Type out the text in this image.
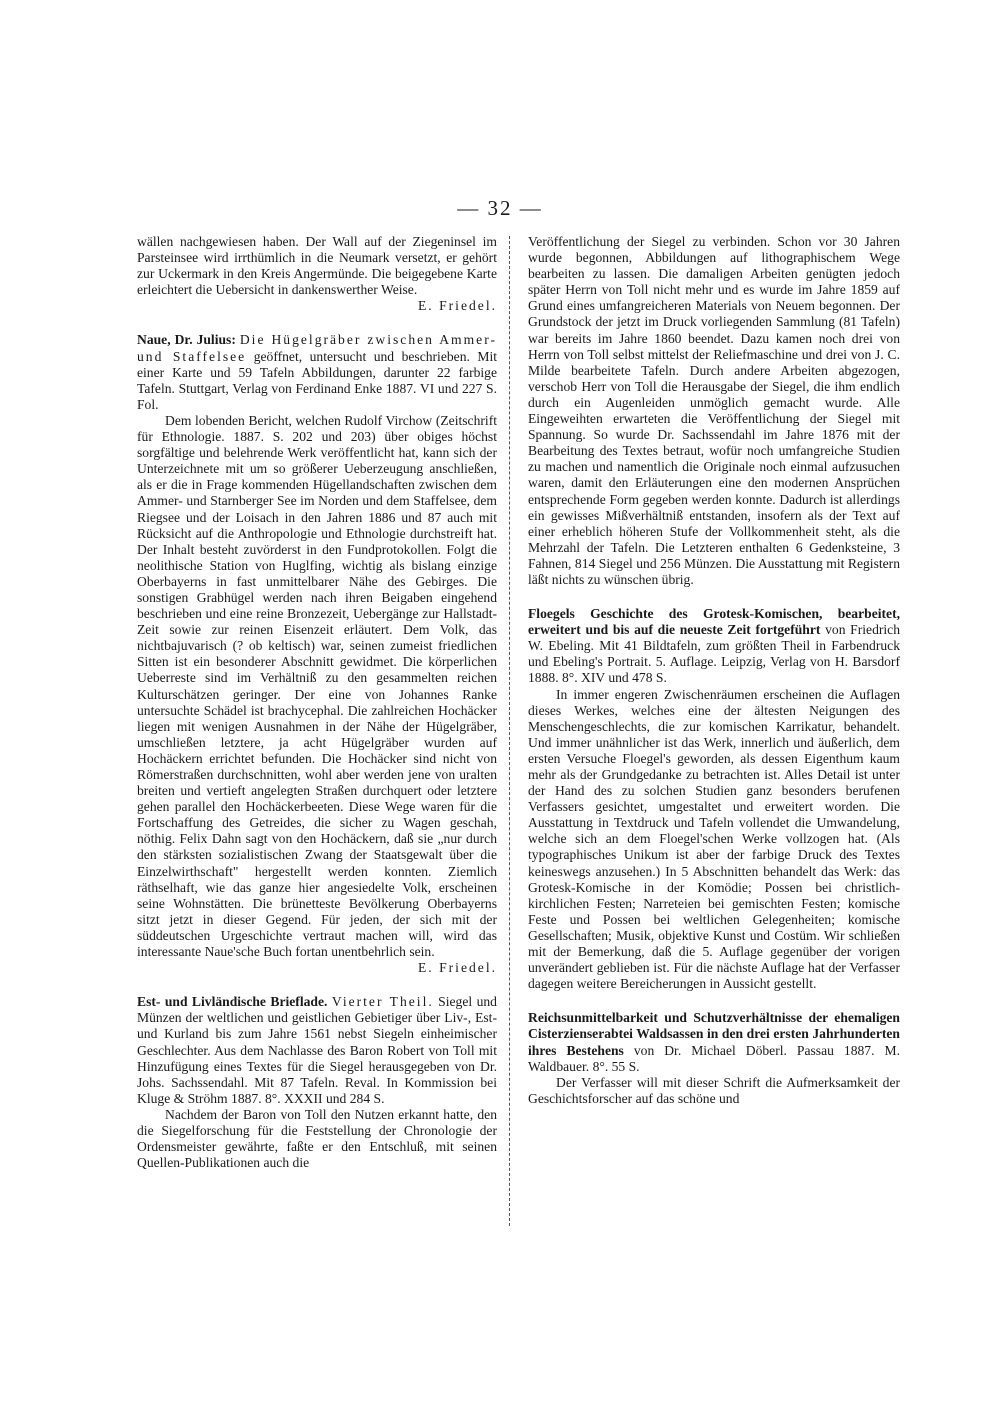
— 32 —

wällen nachgewiesen haben. Der Wall auf der Ziegeninsel im Parsteinsee wird irrthümlich in die Neumark versetzt, er gehört zur Uckermark in den Kreis Angermünde. Die beigegebene Karte erleichtert die Uebersicht in dankenswerther Weise.

E. Friedel.

Naue, Dr. Julius: Die Hügelgräber zwischen Ammer- und Staffelsee geöffnet, untersucht und beschrieben. Mit einer Karte und 59 Tafeln Abbildungen, darunter 22 farbige Tafeln. Stuttgart, Verlag von Ferdinand Enke 1887. VI und 227 S. Fol.

Dem lobenden Bericht, welchen Rudolf Virchow (Zeitschrift für Ethnologie. 1887. S. 202 und 203) über obiges höchst sorgfältige und belehrende Werk veröffentlicht hat, kann sich der Unterzeichnete mit um so größerer Ueberzeugung anschließen, als er die in Frage kommenden Hügellandschaften zwischen dem Ammer- und Starnberger See im Norden und dem Staffelsee, dem Riegsee und der Loisach in den Jahren 1886 und 87 auch mit Rücksicht auf die Anthropologie und Ethnologie durchstreift hat. Der Inhalt besteht zuvörderst in den Fundprotokollen. Folgt die neolithische Station von Huglfing, wichtig als bislang einzige Oberbayerns in fast unmittelbarer Nähe des Gebirges. Die sonstigen Grabhügel werden nach ihren Beigaben eingehend beschrieben und eine reine Bronzezeit, Uebergänge zur Hallstadt-Zeit sowie zur reinen Eisenzeit erläutert. Dem Volk, das nichtbajuvarisch (? ob keltisch) war, seinen zumeist friedlichen Sitten ist ein besonderer Abschnitt gewidmet. Die körperlichen Ueberreste sind im Verhältniß zu den gesammelten reichen Kulturschätzen geringer. Der eine von Johannes Ranke untersuchte Schädel ist brachycephal. Die zahlreichen Hochäcker liegen mit wenigen Ausnahmen in der Nähe der Hügelgräber, umschließen letztere, ja acht Hügelgräber wurden auf Hochäckern errichtet befunden. Die Hochäcker sind nicht von Römerstraßen durchschnitten, wohl aber werden jene von uralten breiten und vertieft angelegten Straßen durchquert oder letztere gehen parallel den Hochäckerbeeten. Diese Wege waren für die Fortschaffung des Getreides, die sicher zu Wagen geschah, nöthig. Felix Dahn sagt von den Hochäckern, daß sie „nur durch den stärksten sozialistischen Zwang der Staatsgewalt über die Einzelwirthschaft" hergestellt werden konnten. Ziemlich räthselhaft, wie das ganze hier angesiedelte Volk, erscheinen seine Wohnstätten. Die brünetteste Bevölkerung Oberbayerns sitzt jetzt in dieser Gegend. Für jeden, der sich mit der süddeutschen Urgeschichte vertraut machen will, wird das interessante Naue'sche Buch fortan unentbehrlich sein.

E. Friedel.

Est- und Livländische Brieflade. Vierter Theil. Siegel und Münzen der weltlichen und geistlichen Gebietiger über Liv-, Est- und Kurland bis zum Jahre 1561 nebst Siegeln einheimischer Geschlechter. Aus dem Nachlasse des Baron Robert von Toll mit Hinzufügung eines Textes für die Siegel herausgegeben von Dr. Johs. Sachssendahl. Mit 87 Tafeln. Reval. In Kommission bei Kluge & Ströhm 1887. 8°. XXXII und 284 S.

Nachdem der Baron von Toll den Nutzen erkannt hatte, den die Siegelforschung für die Feststellung der Chronologie der Ordensmeister gewährte, faßte er den Entschluß, mit seinen Quellen-Publikationen auch die

Veröffentlichung der Siegel zu verbinden. Schon vor 30 Jahren wurde begonnen, Abbildungen auf lithographischem Wege bearbeiten zu lassen. Die damaligen Arbeiten genügten jedoch später Herrn von Toll nicht mehr und es wurde im Jahre 1859 auf Grund eines umfangreicheren Materials von Neuem begonnen. Der Grundstock der jetzt im Druck vorliegenden Sammlung (81 Tafeln) war bereits im Jahre 1860 beendet. Dazu kamen noch drei von Herrn von Toll selbst mittelst der Reliefmaschine und drei von J. C. Milde bearbeitete Tafeln. Durch andere Arbeiten abgezogen, verschob Herr von Toll die Herausgabe der Siegel, die ihm endlich durch ein Augenleiden unmöglich gemacht wurde. Alle Eingeweihten erwarteten die Veröffentlichung der Siegel mit Spannung. So wurde Dr. Sachssendahl im Jahre 1876 mit der Bearbeitung des Textes betraut, wofür noch umfangreiche Studien zu machen und namentlich die Originale noch einmal aufzusuchen waren, damit den Erläuterungen eine den modernen Ansprüchen entsprechende Form gegeben werden konnte. Dadurch ist allerdings ein gewisses Mißverhältniß entstanden, insofern als der Text auf einer erheblich höheren Stufe der Vollkommenheit steht, als die Mehrzahl der Tafeln. Die Letzteren enthalten 6 Gedenksteine, 3 Fahnen, 814 Siegel und 256 Münzen. Die Ausstattung mit Registern läßt nichts zu wünschen übrig.

Floegels Geschichte des Grotesk-Komischen, bearbeitet, erweitert und bis auf die neueste Zeit fortgeführt von Friedrich W. Ebeling. Mit 41 Bildtafeln, zum größten Theil in Farbendruck und Ebeling's Portrait. 5. Auflage. Leipzig, Verlag von H. Barsdorf 1888. 8°. XIV und 478 S.

In immer engeren Zwischenräumen erscheinen die Auflagen dieses Werkes, welches eine der ältesten Neigungen des Menschengeschlechts, die zur komischen Karrikatur, behandelt. Und immer unähnlicher ist das Werk, innerlich und äußerlich, dem ersten Versuche Floegel's geworden, als dessen Eigenthum kaum mehr als der Grundgedanke zu betrachten ist. Alles Detail ist unter der Hand des zu solchen Studien ganz besonders berufenen Verfassers gesichtet, umgestaltet und erweitert worden. Die Ausstattung in Textdruck und Tafeln vollendet die Umwandelung, welche sich an dem Floegel'schen Werke vollzogen hat. (Als typographisches Unikum ist aber der farbige Druck des Textes keineswegs anzusehen.) In 5 Abschnitten behandelt das Werk: das Grotesk-Komische in der Komödie; Possen bei christlich-kirchlichen Festen; Narreteien bei gemischten Festen; komische Feste und Possen bei weltlichen Gelegenheiten; komische Gesellschaften; Musik, objektive Kunst und Costüm. Wir schließen mit der Bemerkung, daß die 5. Auflage gegenüber der vorigen unverändert geblieben ist. Für die nächste Auflage hat der Verfasser dagegen weitere Bereicherungen in Aussicht gestellt.

Reichsunmittelbarkeit und Schutzverhältnisse der ehemaligen Cisterzienserabtei Waldsassen in den drei ersten Jahrhunderten ihres Bestehens von Dr. Michael Döberl. Passau 1887. M. Waldbauer. 8°. 55 S.

Der Verfasser will mit dieser Schrift die Aufmerksamkeit der Geschichtsforscher auf das schöne und
